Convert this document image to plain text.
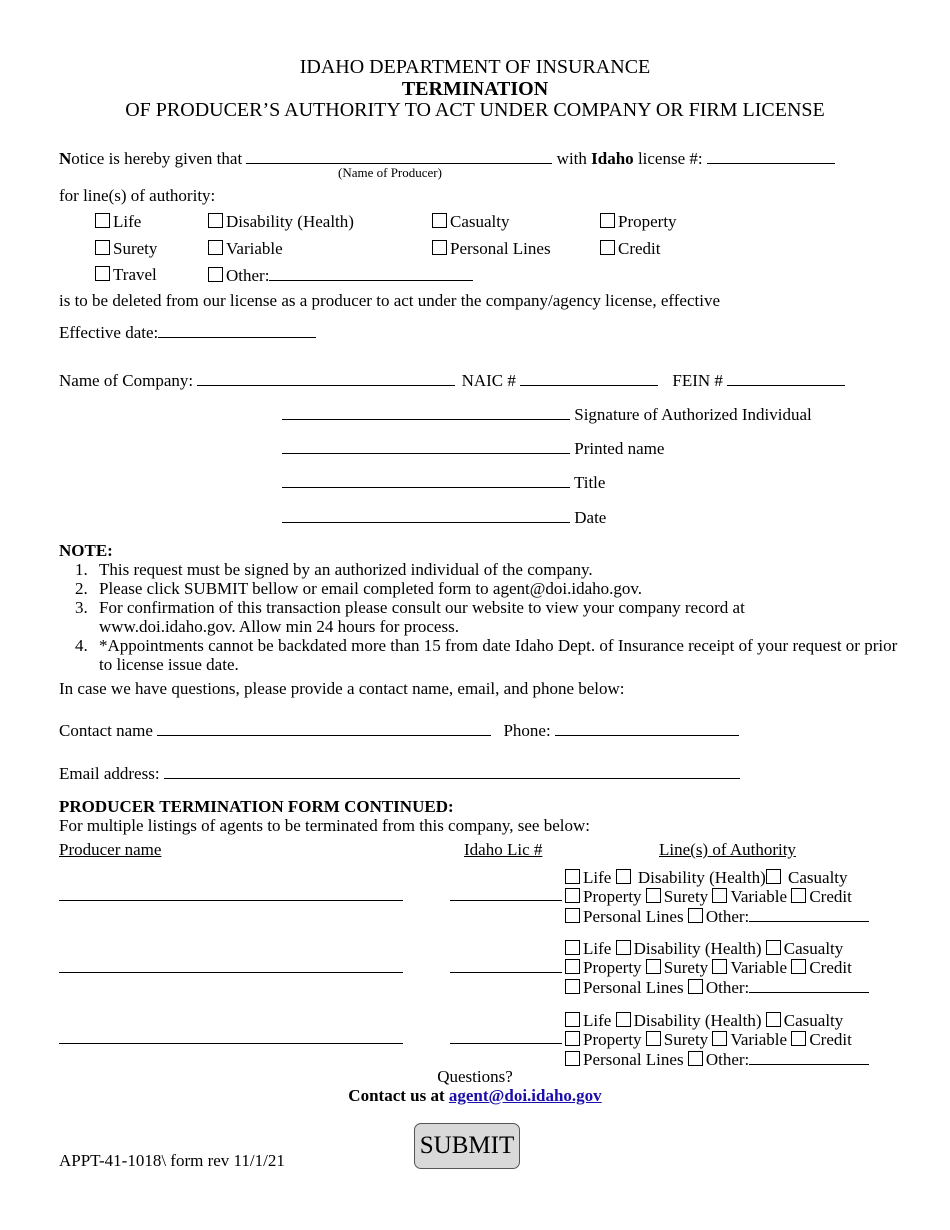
IDAHO DEPARTMENT OF INSURANCE
TERMINATION
OF PRODUCER’S AUTHORITY TO ACT UNDER COMPANY OR FIRM LICENSE
Notice is hereby given that	with Idaho license #:
(Name of Producer)
for line(s) of authority:
Life	Disability (Health)	Casualty	Property
Surety	Variable	Personal Lines	Credit
Travel	Other:
is to be deleted from our license as a producer to act under the company/agency license, effective
Effective date:
Name of Company:	NAIC #	FEIN #
Signature of Authorized Individual
Printed name
Title
Date
NOTE:
1. This request must be signed by an authorized individual of the company.
2. Please click SUBMIT bellow or email completed form to agent@doi.idaho.gov.
3. For confirmation of this transaction please consult our website to view your company record at www.doi.idaho.gov. Allow min 24 hours for process.
4. *Appointments cannot be backdated more than 15 from date Idaho Dept. of Insurance receipt of your request or prior to license issue date.
In case we have questions, please provide a contact name, email, and phone below:
Contact name	Phone:
Email address:
PRODUCER TERMINATION FORM CONTINUED:
For multiple listings of agents to be terminated from this company, see below:
Producer name	Idaho Lic #	Line(s) of Authority
Life Disability (Health) Casualty
Property Surety Variable Credit
Personal Lines Other:
Life Disability (Health) Casualty
Property Surety Variable Credit
Personal Lines Other:
Life Disability (Health) Casualty
Property Surety Variable Credit
Personal Lines Other:
Questions?
Contact us at agent@doi.idaho.gov
APPT-41-1018\ form rev 11/1/21
SUBMIT
